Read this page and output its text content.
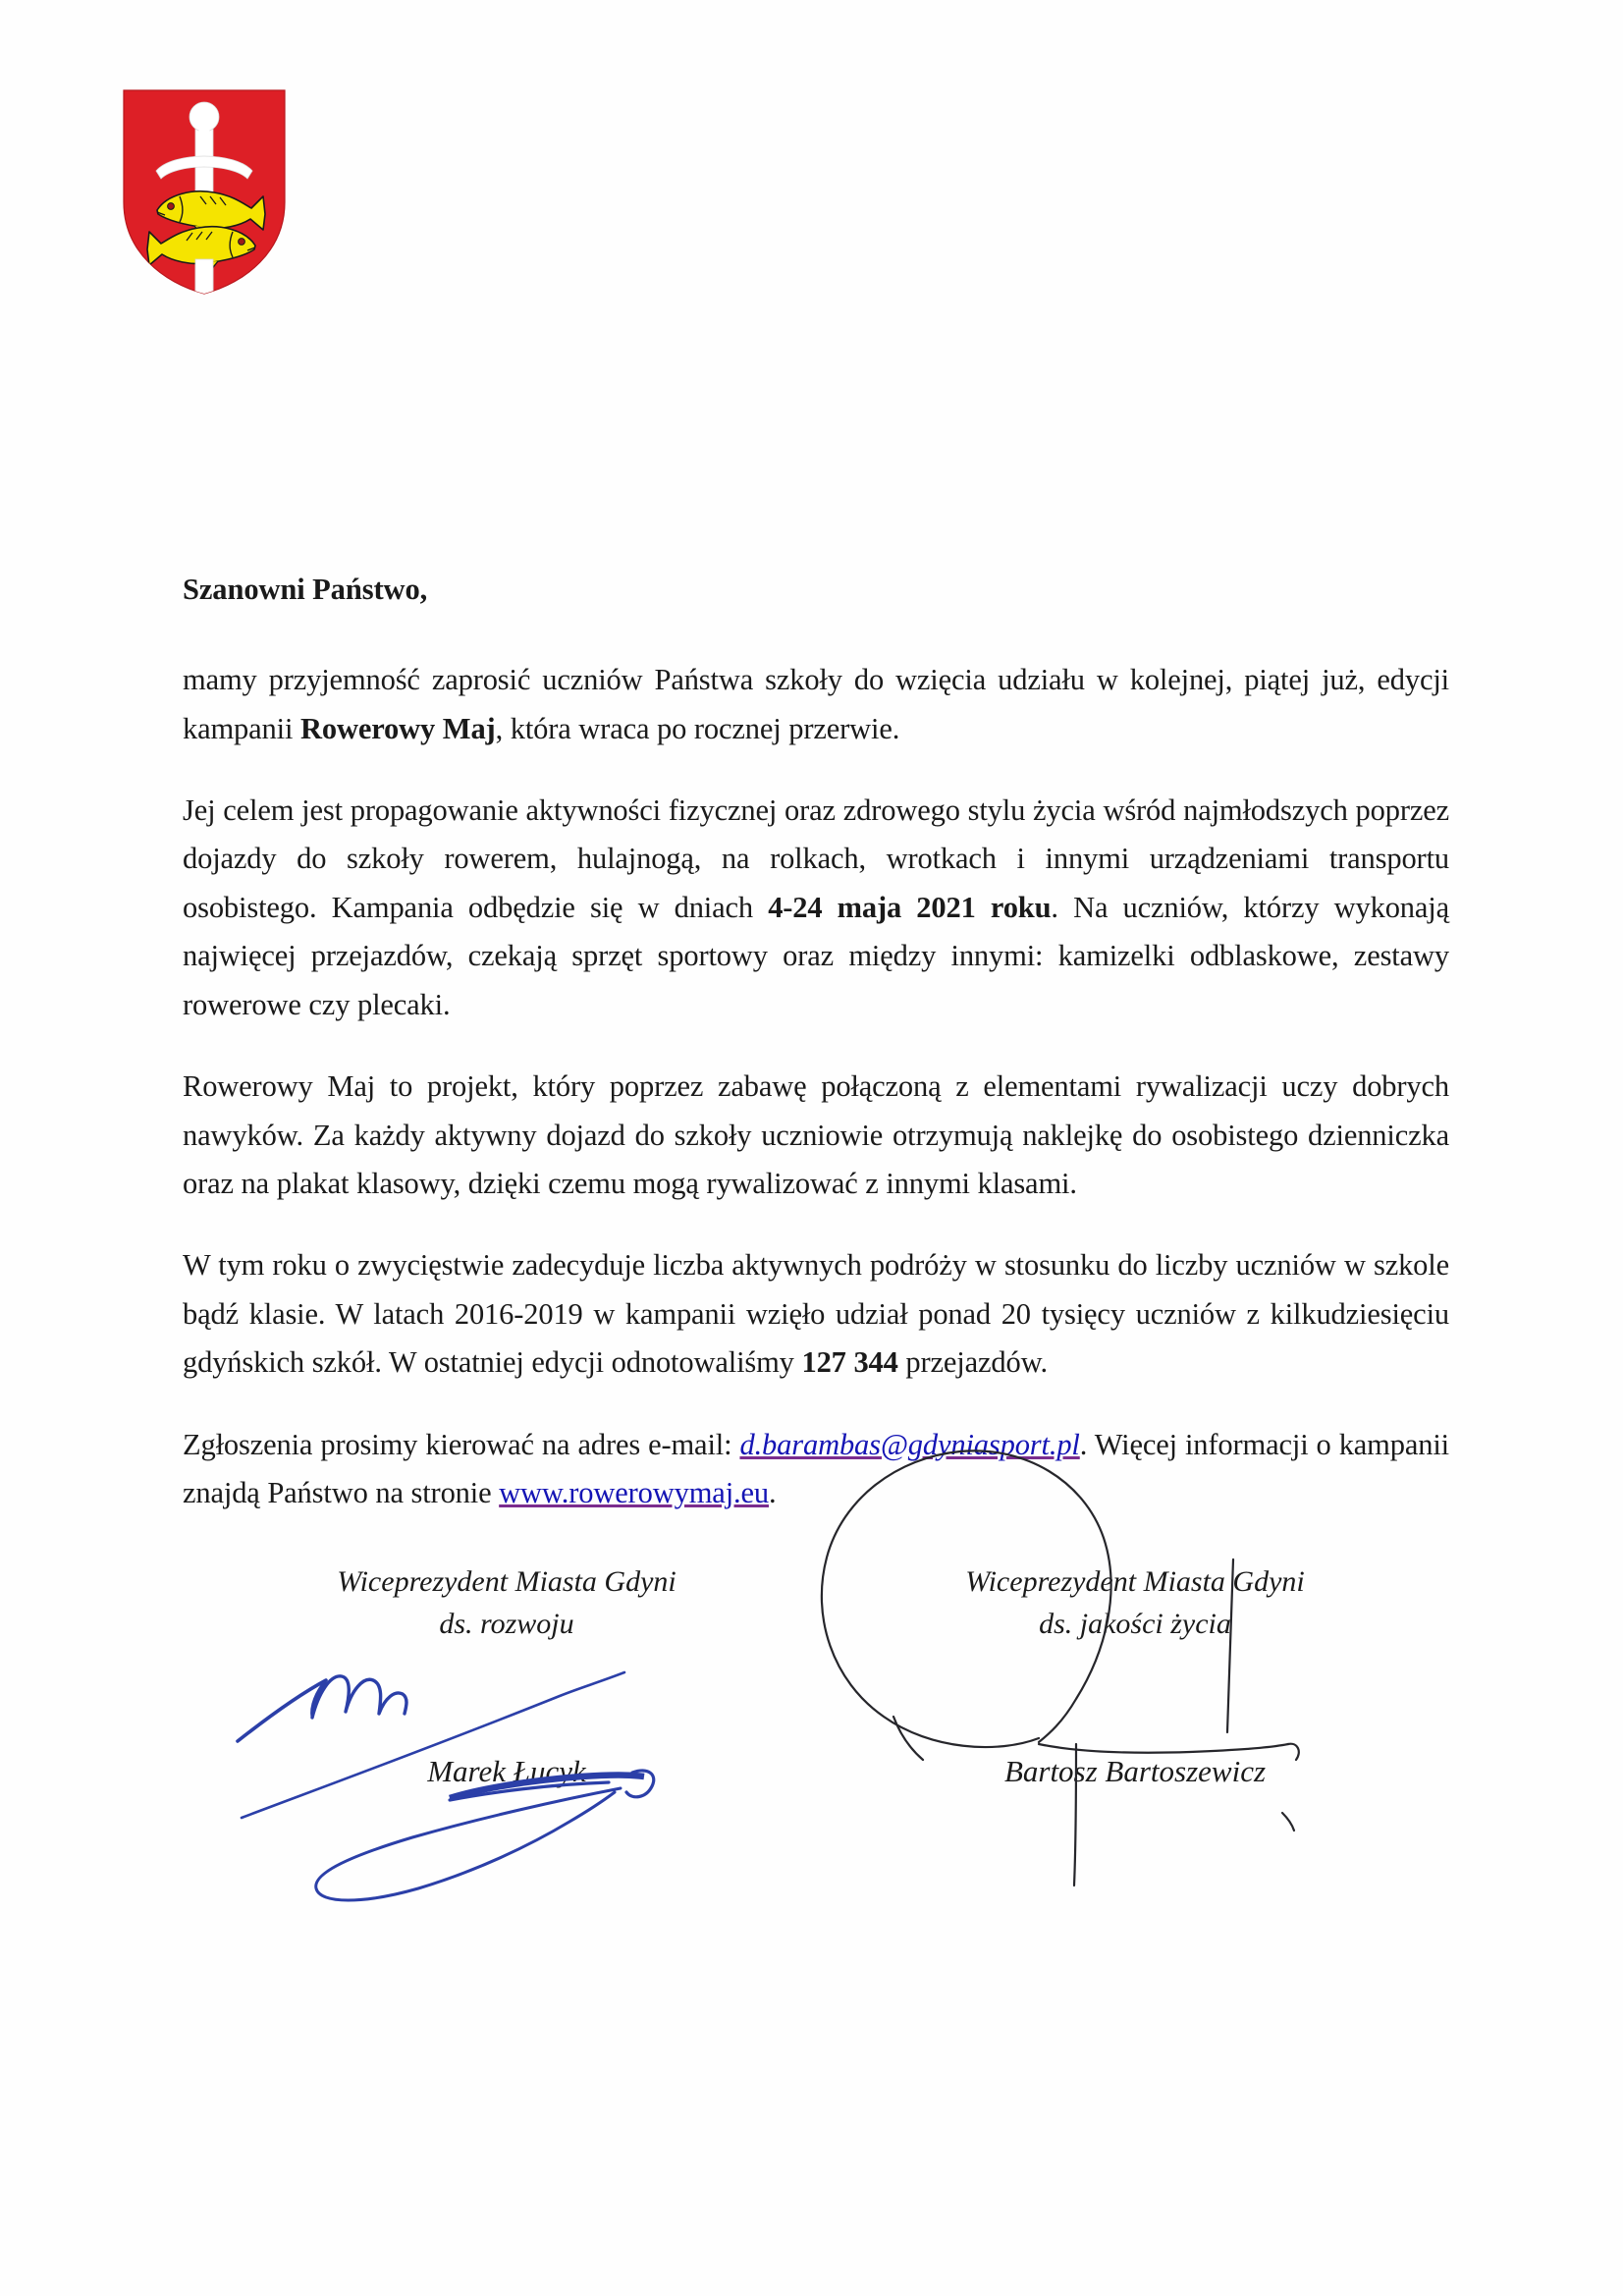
Szanowni Państwo,

mamy przyjemność zaprosić uczniów Państwa szkoły do wzięcia udziału w kolejnej, piątej już, edycji kampanii Rowerowy Maj, która wraca po rocznej przerwie.

Jej celem jest propagowanie aktywności fizycznej oraz zdrowego stylu życia wśród najmłodszych poprzez dojazdy do szkoły rowerem, hulajnogą, na rolkach, wrotkach i innymi urządzeniami transportu osobistego. Kampania odbędzie się w dniach 4-24 maja 2021 roku. Na uczniów, którzy wykonają najwięcej przejazdów, czekają sprzęt sportowy oraz między innymi: kamizelki odblaskowe, zestawy rowerowe czy plecaki.

Rowerowy Maj to projekt, który poprzez zabawę połączoną z elementami rywalizacji uczy dobrych nawyków. Za każdy aktywny dojazd do szkoły uczniowie otrzymują naklejkę do osobistego dzienniczka oraz na plakat klasowy, dzięki czemu mogą rywalizować z innymi klasami.

W tym roku o zwycięstwie zadecyduje liczba aktywnych podróży w stosunku do liczby uczniów w szkole bądź klasie. W latach 2016-2019 w kampanii wzięło udział ponad 20 tysięcy uczniów z kilkudziesięciu gdyńskich szkół. W ostatniej edycji odnotowaliśmy 127 344 przejazdów.

Zgłoszenia prosimy kierować na adres e-mail: d.barambas@gdyniasport.pl. Więcej informacji o kampanii znajdą Państwo na stronie www.rowerowymaj.eu.

Wiceprezydent Miasta Gdyni

ds. rozwoju

Marek Łucyk

Wiceprezydent Miasta Gdyni

ds. jakości życia

Bartosz Bartoszewicz
